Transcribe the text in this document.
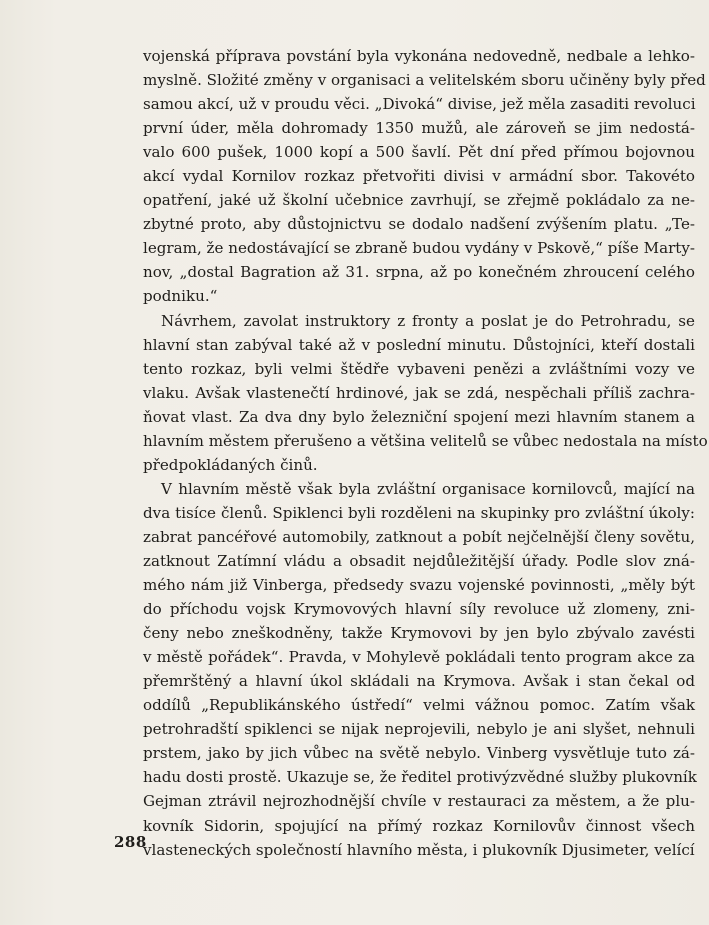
vojenská příprava povstání byla vykonána nedovedně, nedbale a lehko-
myslně. Složité změny v organisaci a velitelském sboru učiněny byly před
samou akcí, už v proudu věci. „Divoká“ divise, jež měla zasaditi revoluci
první úder, měla dohromady 1350 mužů, ale zároveň se jim nedostá-
valo 600 pušek, 1000 kopí a 500 šavlí. Pět dní před přímou bojovnou
akcí vydal Kornilov rozkaz přetvořiti divisi v armádní sbor. Takovéto
opatření, jaké už školní učebnice zavrhují, se zřejmě pokládalo za ne-
zbytné proto, aby důstojnictvu se dodalo nadšení zvýšením platu. „Te-
legram, že nedostávající se zbraně budou vydány v Pskově,“ píše Marty-
nov, „dostal Bagration až 31. srpna, až po konečném zhroucení celého
podniku.“
Návrhem, zavolat instruktory z fronty a poslat je do Petrohradu, se
hlavní stan zabýval také až v poslední minutu. Důstojníci, kteří dostali
tento rozkaz, byli velmi štědře vybaveni penězi a zvláštními vozy ve
vlaku. Avšak vlastenečtí hrdinové, jak se zdá, nespěchali příliš zachra-
ňovat vlast. Za dva dny bylo železniční spojení mezi hlavním stanem a
hlavním městem přerušeno a většina velitelů se vůbec nedostala na místo
předpokládaných činů.
V hlavním městě však byla zvláštní organisace kornilovců, mající na
dva tisíce členů. Spiklenci byli rozděleni na skupinky pro zvláštní úkoly:
zabrat pancéřové automobily, zatknout a pobít nejčelnější členy sovětu,
zatknout Zatímní vládu a obsadit nejdůležitější úřady. Podle slov zná-
mého nám již Vinberga, předsedy svazu vojenské povinnosti, „měly být
do příchodu vojsk Krymovových hlavní síly revoluce už zlomeny, zni-
čeny nebo zneškodněny, takže Krymovovi by jen bylo zbývalo zavésti
v městě pořádek“. Pravda, v Mohylevě pokládali tento program akce za
přemrštěný a hlavní úkol skládali na Krymova. Avšak i stan čekal od
oddílů „Republikánského ústředí“ velmi vážnou pomoc. Zatím však
petrohradští spiklenci se nijak neprojevili, nebylo je ani slyšet, nehnuli
prstem, jako by jich vůbec na světě nebylo. Vinberg vysvětluje tuto zá-
hadu dosti prostě. Ukazuje se, že ředitel protivýzvědné služby plukovník
Gejman ztrávil nejrozhodnější chvíle v restauraci za městem, a že plu-
kovník Sidorin, spojující na přímý rozkaz Kornilovův činnost všech
vlasteneckých společností hlavního města, i plukovník Djusimeter, velící
288
